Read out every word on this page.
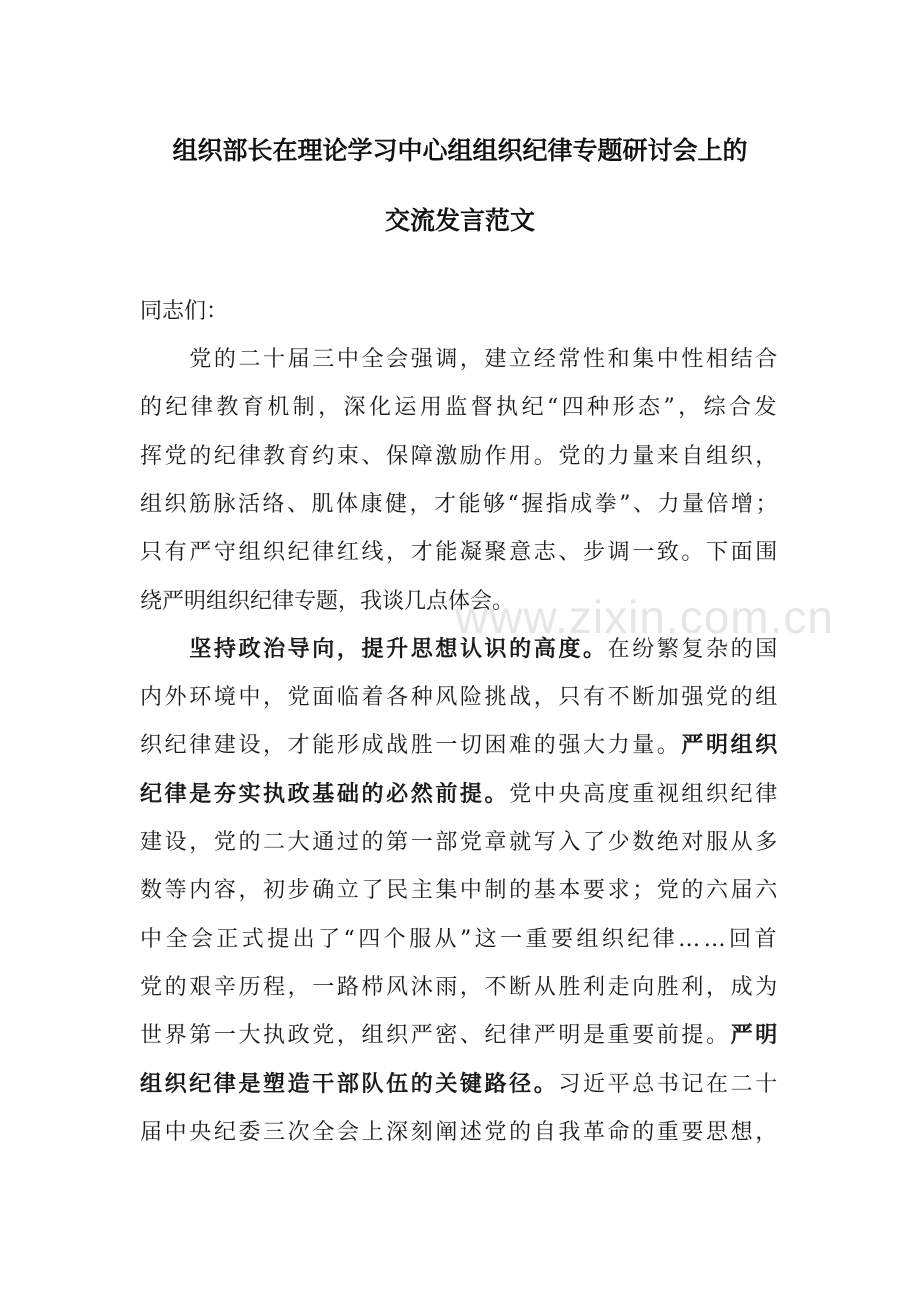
www.zixin.com.cn
组织部长在理论学习中心组组织纪律专题研讨会上的
交流发言范文
同志们：
　　党的二十届三中全会强调，建立经常性和集中性相结合
的纪律教育机制，深化运用监督执纪“四种形态”，综合发
挥党的纪律教育约束、保障激励作用。党的力量来自组织，
组织筋脉活络、肌体康健，才能够“握指成拳”、力量倍增；
只有严守组织纪律红线，才能凝聚意志、步调一致。下面围
绕严明组织纪律专题，我谈几点体会。
　　坚持政治导向，提升思想认识的高度。在纷繁复杂的国
内外环境中，党面临着各种风险挑战，只有不断加强党的组
织纪律建设，才能形成战胜一切困难的强大力量。严明组织
纪律是夯实执政基础的必然前提。党中央高度重视组织纪律
建设，党的二大通过的第一部党章就写入了少数绝对服从多
数等内容，初步确立了民主集中制的基本要求；党的六届六
中全会正式提出了“四个服从”这一重要组织纪律……回首
党的艰辛历程，一路栉风沐雨，不断从胜利走向胜利，成为
世界第一大执政党，组织严密、纪律严明是重要前提。严明
组织纪律是塑造干部队伍的关键路径。习近平总书记在二十
届中央纪委三次全会上深刻阐述党的自我革命的重要思想，
